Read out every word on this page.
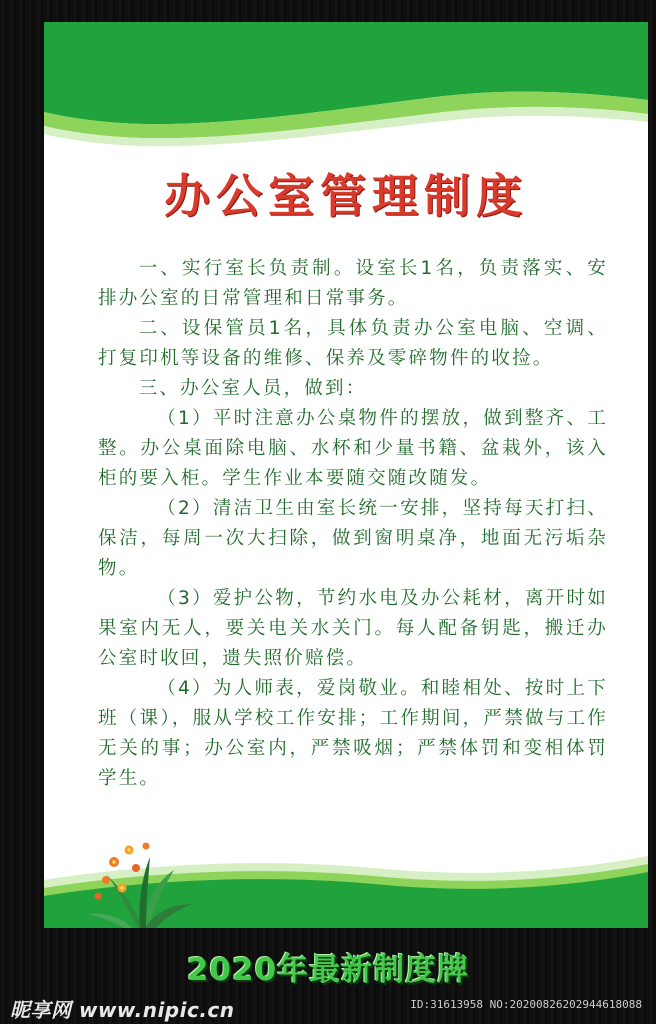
办公室管理制度

一、实行室长负责制。设室长1名，负责落实、安排办公室的日常管理和日常事务。

二、设保管员1名，具体负责办公室电脑、空调、打复印机等设备的维修、保养及零碎物件的收捡。

三、办公室人员，做到：

（1）平时注意办公桌物件的摆放，做到整齐、工整。办公桌面除电脑、水杯和少量书籍、盆栽外，该入柜的要入柜。学生作业本要随交随改随发。

（2）清洁卫生由室长统一安排，坚持每天打扫、保洁，每周一次大扫除，做到窗明桌净，地面无污垢杂物。

（3）爱护公物，节约水电及办公耗材，离开时如果室内无人，要关电关水关门。每人配备钥匙，搬迁办公室时收回，遗失照价赔偿。

（4）为人师表，爱岗敬业。和睦相处、按时上下班（课），服从学校工作安排；工作期间，严禁做与工作无关的事；办公室内，严禁吸烟；严禁体罚和变相体罚学生。

2020年最新制度牌
昵享网 www.nipic.cn	ID:31613958 NO:20200826202944618088
